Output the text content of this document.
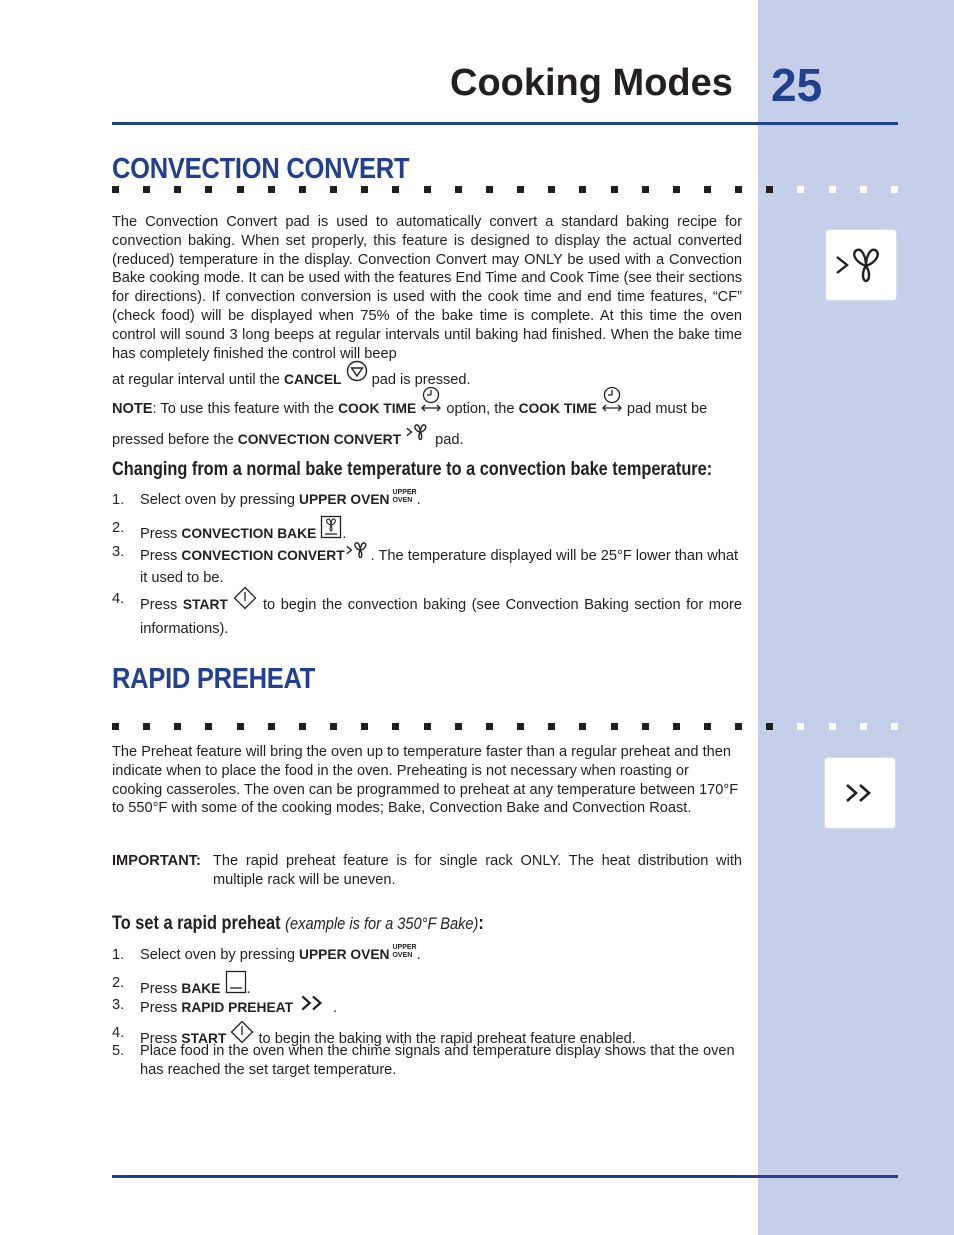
Cooking Modes 25
CONVECTION CONVERT

The Convection Convert pad is used to automatically convert a standard baking recipe for convection baking. When set properly, this feature is designed to display the actual converted (reduced) temperature in the display. Convection Convert may ONLY be used with a Convection Bake cooking mode. It can be used with the features End Time and Cook Time (see their sections for directions). If convection conversion is used with the cook time and end time features, “CF” (check food) will be displayed when 75% of the bake time is complete. At this time the oven control will sound 3 long beeps at regular intervals until baking had finished. When the bake time has completely finished the control will beep

at regular interval until the CANCEL pad is pressed.
NOTE: To use this feature with the COOK TIME option, the COOK TIME pad must be pressed before the CONVECTION CONVERT pad.
Changing from a normal bake temperature to a convection bake temperature:
1. Select oven by pressing UPPER OVEN UPPER
OVEN .
2. Press CONVECTION BAKE .
3. Press CONVECTION CONVERT . The temperature displayed will be 25°F lower than what it used to be.
4. Press START to begin the convection baking (see Convection Baking section for more informations).
RAPID PREHEAT

The Preheat feature will bring the oven up to temperature faster than a regular preheat and then indicate when to place the food in the oven. Preheating is not necessary when roasting or cooking casseroles. The oven can be programmed to preheat at any temperature between 170°F to 550°F with some of the cooking modes; Bake, Convection Bake and Convection Roast.

IMPORTANT: The rapid preheat feature is for single rack ONLY. The heat distribution with multiple rack will be uneven.
To set a rapid preheat (example is for a 350°F Bake):
1. Select oven by pressing UPPER OVEN UPPER
OVEN .
2. Press BAKE .
3. Press RAPID PREHEAT	.
4. Press START to begin the baking with the rapid preheat feature enabled.
5. Place food in the oven when the chime signals and temperature display shows that the oven has reached the set target temperature.
